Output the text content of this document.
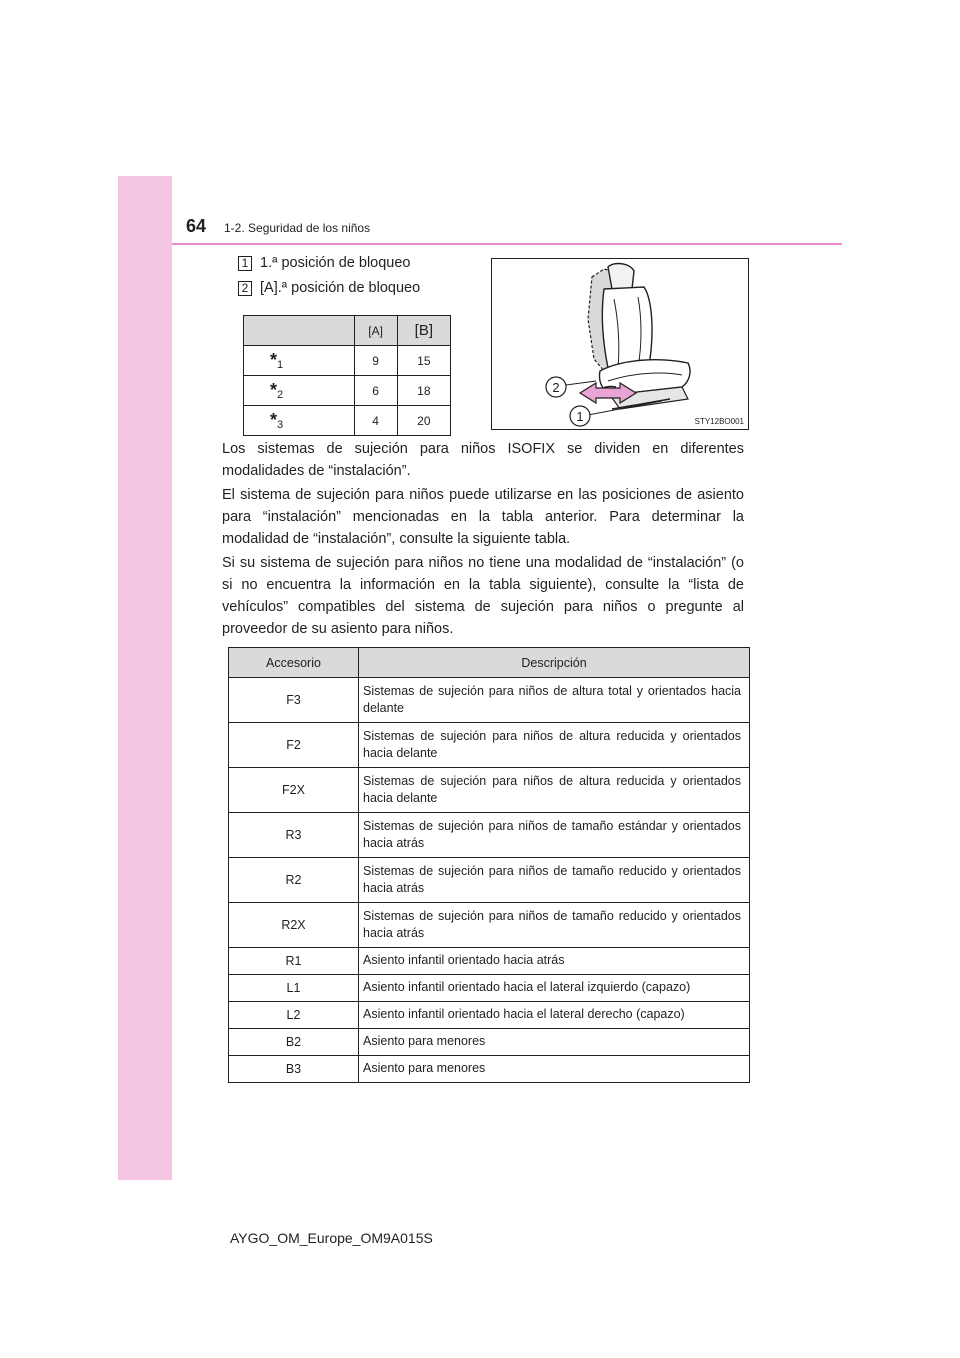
64 1-2. Seguridad de los niños
1 1.ª posición de bloqueo
2 [A].ª posición de bloqueo
	[A]	[B]
*1	9	15
*2	6	18
*3	4	20
2
1	STY12BO001
Los sistemas de sujeción para niños ISOFIX se dividen en diferentes modalidades de “instalación”.
El sistema de sujeción para niños puede utilizarse en las posiciones de asiento para “instalación” mencionadas en la tabla anterior. Para determinar la modalidad de “instalación”, consulte la siguiente tabla.
Si su sistema de sujeción para niños no tiene una modalidad de “instalación” (o si no encuentra la información en la tabla siguiente), consulte la “lista de vehículos” compatibles del sistema de sujeción para niños o pregunte al proveedor de su asiento para niños.
Accesorio	Descripción
F3	Sistemas de sujeción para niños de altura total y orientados hacia delante
F2	Sistemas de sujeción para niños de altura reducida y orientados hacia delante
F2X	Sistemas de sujeción para niños de altura reducida y orientados hacia delante
R3	Sistemas de sujeción para niños de tamaño estándar y orientados hacia atrás
R2	Sistemas de sujeción para niños de tamaño reducido y orientados hacia atrás
R2X	Sistemas de sujeción para niños de tamaño reducido y orientados hacia atrás
R1	Asiento infantil orientado hacia atrás
L1	Asiento infantil orientado hacia el lateral izquierdo (capazo)
L2	Asiento infantil orientado hacia el lateral derecho (capazo)
B2	Asiento para menores
B3	Asiento para menores
AYGO_OM_Europe_OM9A015S
